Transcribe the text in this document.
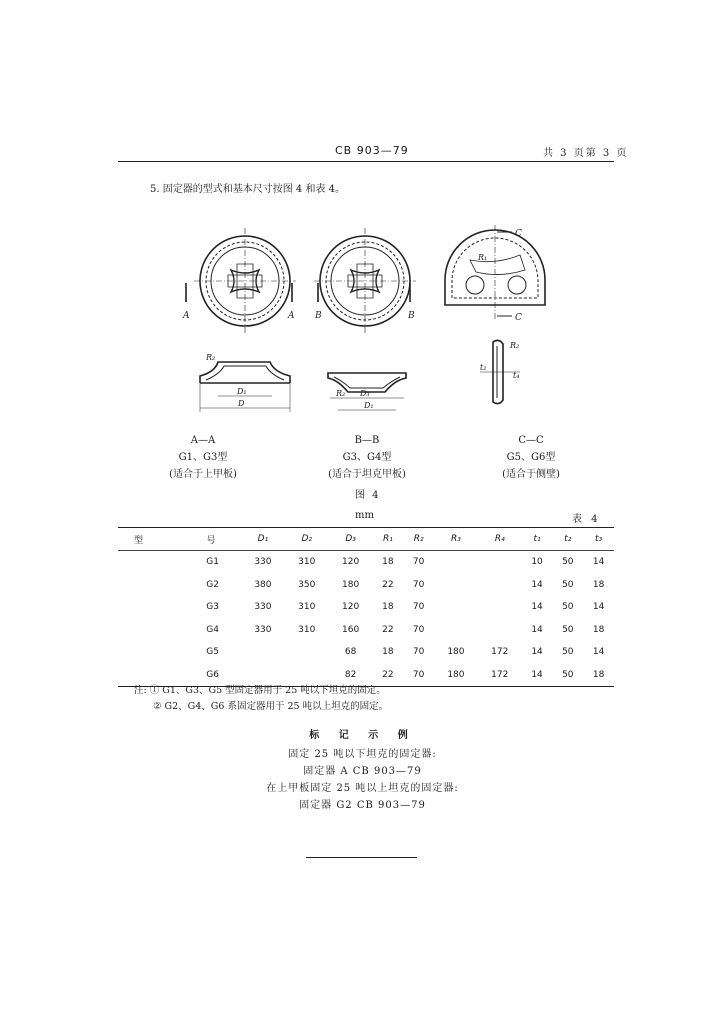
CB 903—79	共 3 页第 3 页
5. 固定器的型式和基本尺寸按图 4 和表 4。
A	A B	B
C
C
R₁
R₂
D₁
D
R₂ D₃
D₁
R₂
t₂
t₄
A—A
G1、G3型
(适合于上甲板)
B—B
G3、G4型
(适合于坦克甲板)
C—C
G5、G6型
(适合于侧壁)
图 4
mm	表 4
型	号	D₁	D₂	D₃	R₁	R₂	R₃	R₄	t₁	t₂	t₃
G1		330	310	120	18	70			10	50	14
G2		380	350	180	22	70			14	50	18
G3		330	310	120	18	70			14	50	14
G4		330	310	160	22	70			14	50	18
G5				68	18	70	180	172	14	50	14
G6				82	22	70	180	172	14	50	18
注: ① G1、G3、G5 型固定器用于 25 吨以下坦克的固定。
② G2、G4、G6 系固定器用于 25 吨以上坦克的固定。
标 记 示 例
固定 25 吨以下坦克的固定器:
固定器 A CB 903—79
在上甲板固定 25 吨以上坦克的固定器:
固定器 G2 CB 903—79
